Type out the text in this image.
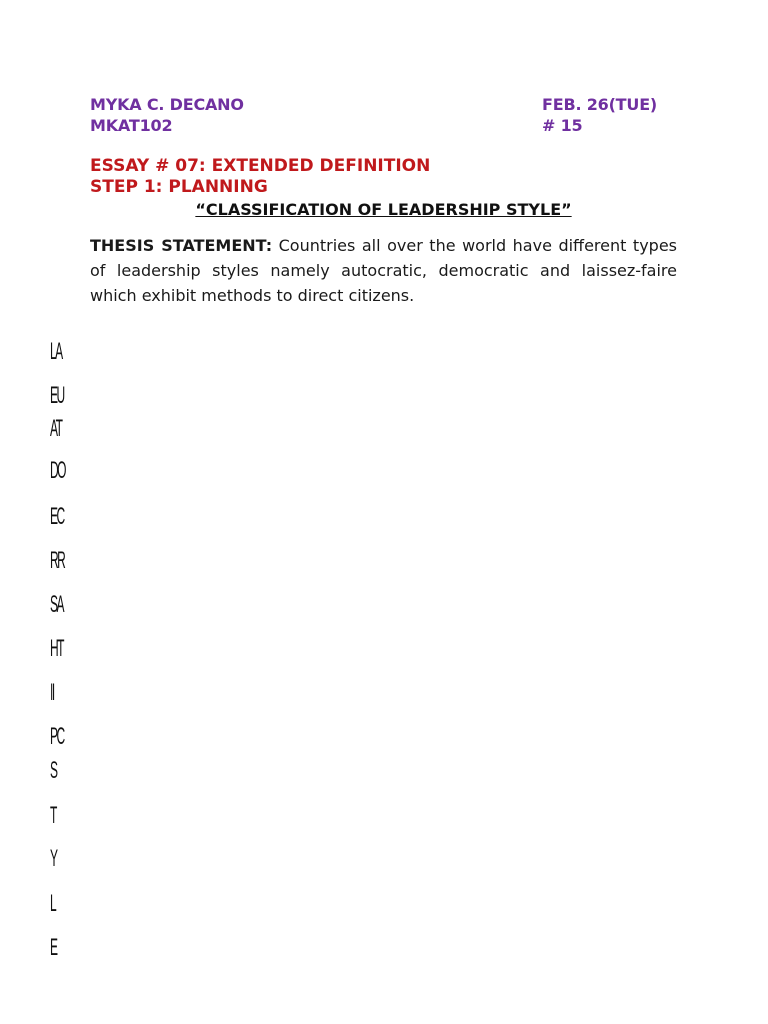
MYKA C. DECANO
MKAT102
FEB. 26(TUE)
# 15
ESSAY # 07: EXTENDED DEFINITION
STEP 1: PLANNING
“CLASSIFICATION OF LEADERSHIP STYLE”
THESIS STATEMENT: Countries all over the world have different types of leadership styles namely autocratic, democratic and laissez-faire which exhibit methods to direct citizens.
LA
EU
AT
DO
EC
RR
SA
HT
II
PC
S
T
Y
L
E
